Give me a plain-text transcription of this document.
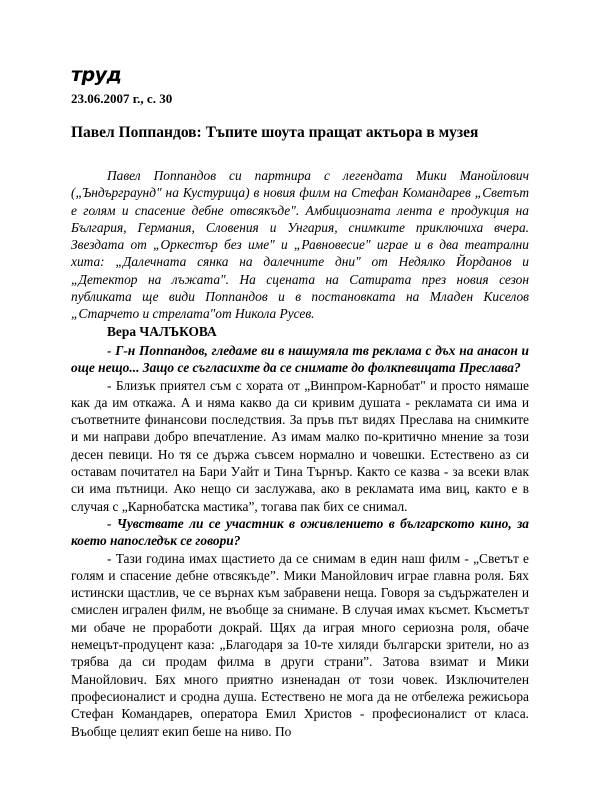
труд
23.06.2007 г., с. 30
Павел Поппандов: Тъпите шоута пращат актьора в музея
Павел Поппандов си партнира с легендата Мики Манойлович („Ъндърграунд" на Кустурица) в новия филм на Стефан Командарев „Светът е голям и спасение дебне отвсякъде". Амбициозната лента е продукция на България, Германия, Словения и Унгария, снимките приключиха вчера. Звездата от „Оркестър без име" и „Равновесие" играе и в два театрални хита: „Далечната сянка на далечните дни" от Недялко Йорданов и „Детектор на лъжата". На сцената на Сатирата през новия сезон публиката ще види Поппандов и в постановката на Младен Киселов „Старчето и стрелата"от Никола Русев.
Вера ЧАЛЪКОВА

- Г-н Поппандов, гледаме ви в нашумяла тв реклама с дъх на анасон и още нещо... Защо се съгласихте да се снимате до фолкпевицата Преслава?

- Близък приятел съм с хората от „Винпром-Карнобат" и просто нямаше как да им откажа. А и няма какво да си кривим душата - рекламата си има и съответните финансови последствия. За пръв път видях Преслава на снимките и ми направи добро впечатление. Аз имам малко по-критично мнение за този десен певици. Но тя се държа съвсем нормално и човешки. Естествено аз си оставам почитател на Бари Уайт и Тина Търнър. Както се казва - за всеки влак си има пътници. Ако нещо си заслужава, ако в рекламата има виц, както е в случая с „Карнобатска мастика”, тогава пак бих се снимал.

- Чувствате ли се участник в оживлението в българското кино, за което напоследък се говори?

- Тази година имах щастието да се снимам в един наш филм - „Светът е голям и спасение дебне отвсякъде”. Мики Манойлович играе главна роля. Бях истински щастлив, че се върнах към забравени неща. Говоря за съдържателен и смислен игрален филм, не въобще за снимане. В случая имах късмет. Късметът ми обаче не проработи докрай. Щях да играя много сериозна роля, обаче немецът-продуцент каза: „Благодаря за 10-те хиляди български зрители, но аз трябва да си продам филма в други страни”. Затова взимат и Мики Манойлович. Бях много приятно изненадан от този човек. Изключителен професионалист и сродна душа. Естествено не мога да не отбележа режисьора Стефан Командарев, оператора Емил Христов - професионалист от класа. Въобще целият екип беше на ниво. По
